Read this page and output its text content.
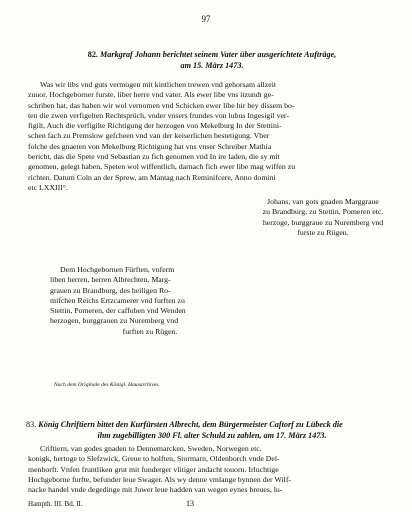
97
82. Markgraf Johann berichtet seinem Vater über ausgerichtete Aufträge,
am 15. März 1473.
Was wir libs vnd guts vermogen mit kintlichen trewen vnd gehorsam allzeit
zuuor. Hochgeborner furste, liber herre vnd vater. Als ewer libe vns itzundt ge-
schriben hat, das haben wir wol vernomen vnd Schicken ewer libe hir bey dissem bo-
ten die zwen verfigelten Rechtsprüch, vnder vnsers frundes von lubus Ingesigil ver-
figilt, Auch die verfigilte Richtigung der herzogen von Mekelburg In der Stettini-
schen fach zu Premslow gefcheen vnd van der keiserlichen bestetigung. Vber
folche des gnaeten von Mekelburg Richtigung hat vns vnser Schreiber Mathia
bericht, das die Spete vnd Sebastian zu fich genomen vnd In ire laden, die sy mit
genomen, gelegt haben, Speten wol wiffentlich, darnach fich ewer libe mag wiffen zu
richten. Datum Coln an der Sprew, am Mantag nach Reminifcere, Anno domini
etc LXXIII°.
Johans, van gots gnaden Marggraue
zu Brandburg, zu Stettin, Pomeren etc.
herzoge, burggraue zu Nuremberg vnd
furste zu Rügen.
Dem Hochgebornen Fürften, vnferm
liben herren, herren Albrechten, Marg-
grauen zu Brandburg, des heiligen Ro-
mifchen Reichs Ertzcamerer vnd furften zu
Stettin, Pomeren, der caffuben vnd Wenden
herzogen, burggrauen zu Nuremberg vnd
furften zu Rügen.
Nach dem Originale des Königl. Hausarchives.
83. König Chriftiern bittet den Kurfürsten Albrecht, dem Bürgermeister Caftorf zu Lübeck die

ihm zugebilligten 300 Fl. alter Schuld zu zahlen, am 17. März 1473.
Criftiern, van godes gnaden to Dennemarcken, Sweden, Norwegen etc.
konigk, hertoge to Slefzwick, Greue to holften, Stormarn, Oldenborch vnde Del-
menhorft. Vnfen fruntliken grut mit funderger vlitiger andacht touorn. Irluchtige
Hochgeborne furfte, befunder leue Swager. Als wy denne vmlange bynnen der Wilf-
nacke handel vnde degedinge mit Juwer leue hadden van wegen eynes breues, lu-
Hampth. III. Bd. II.	13
